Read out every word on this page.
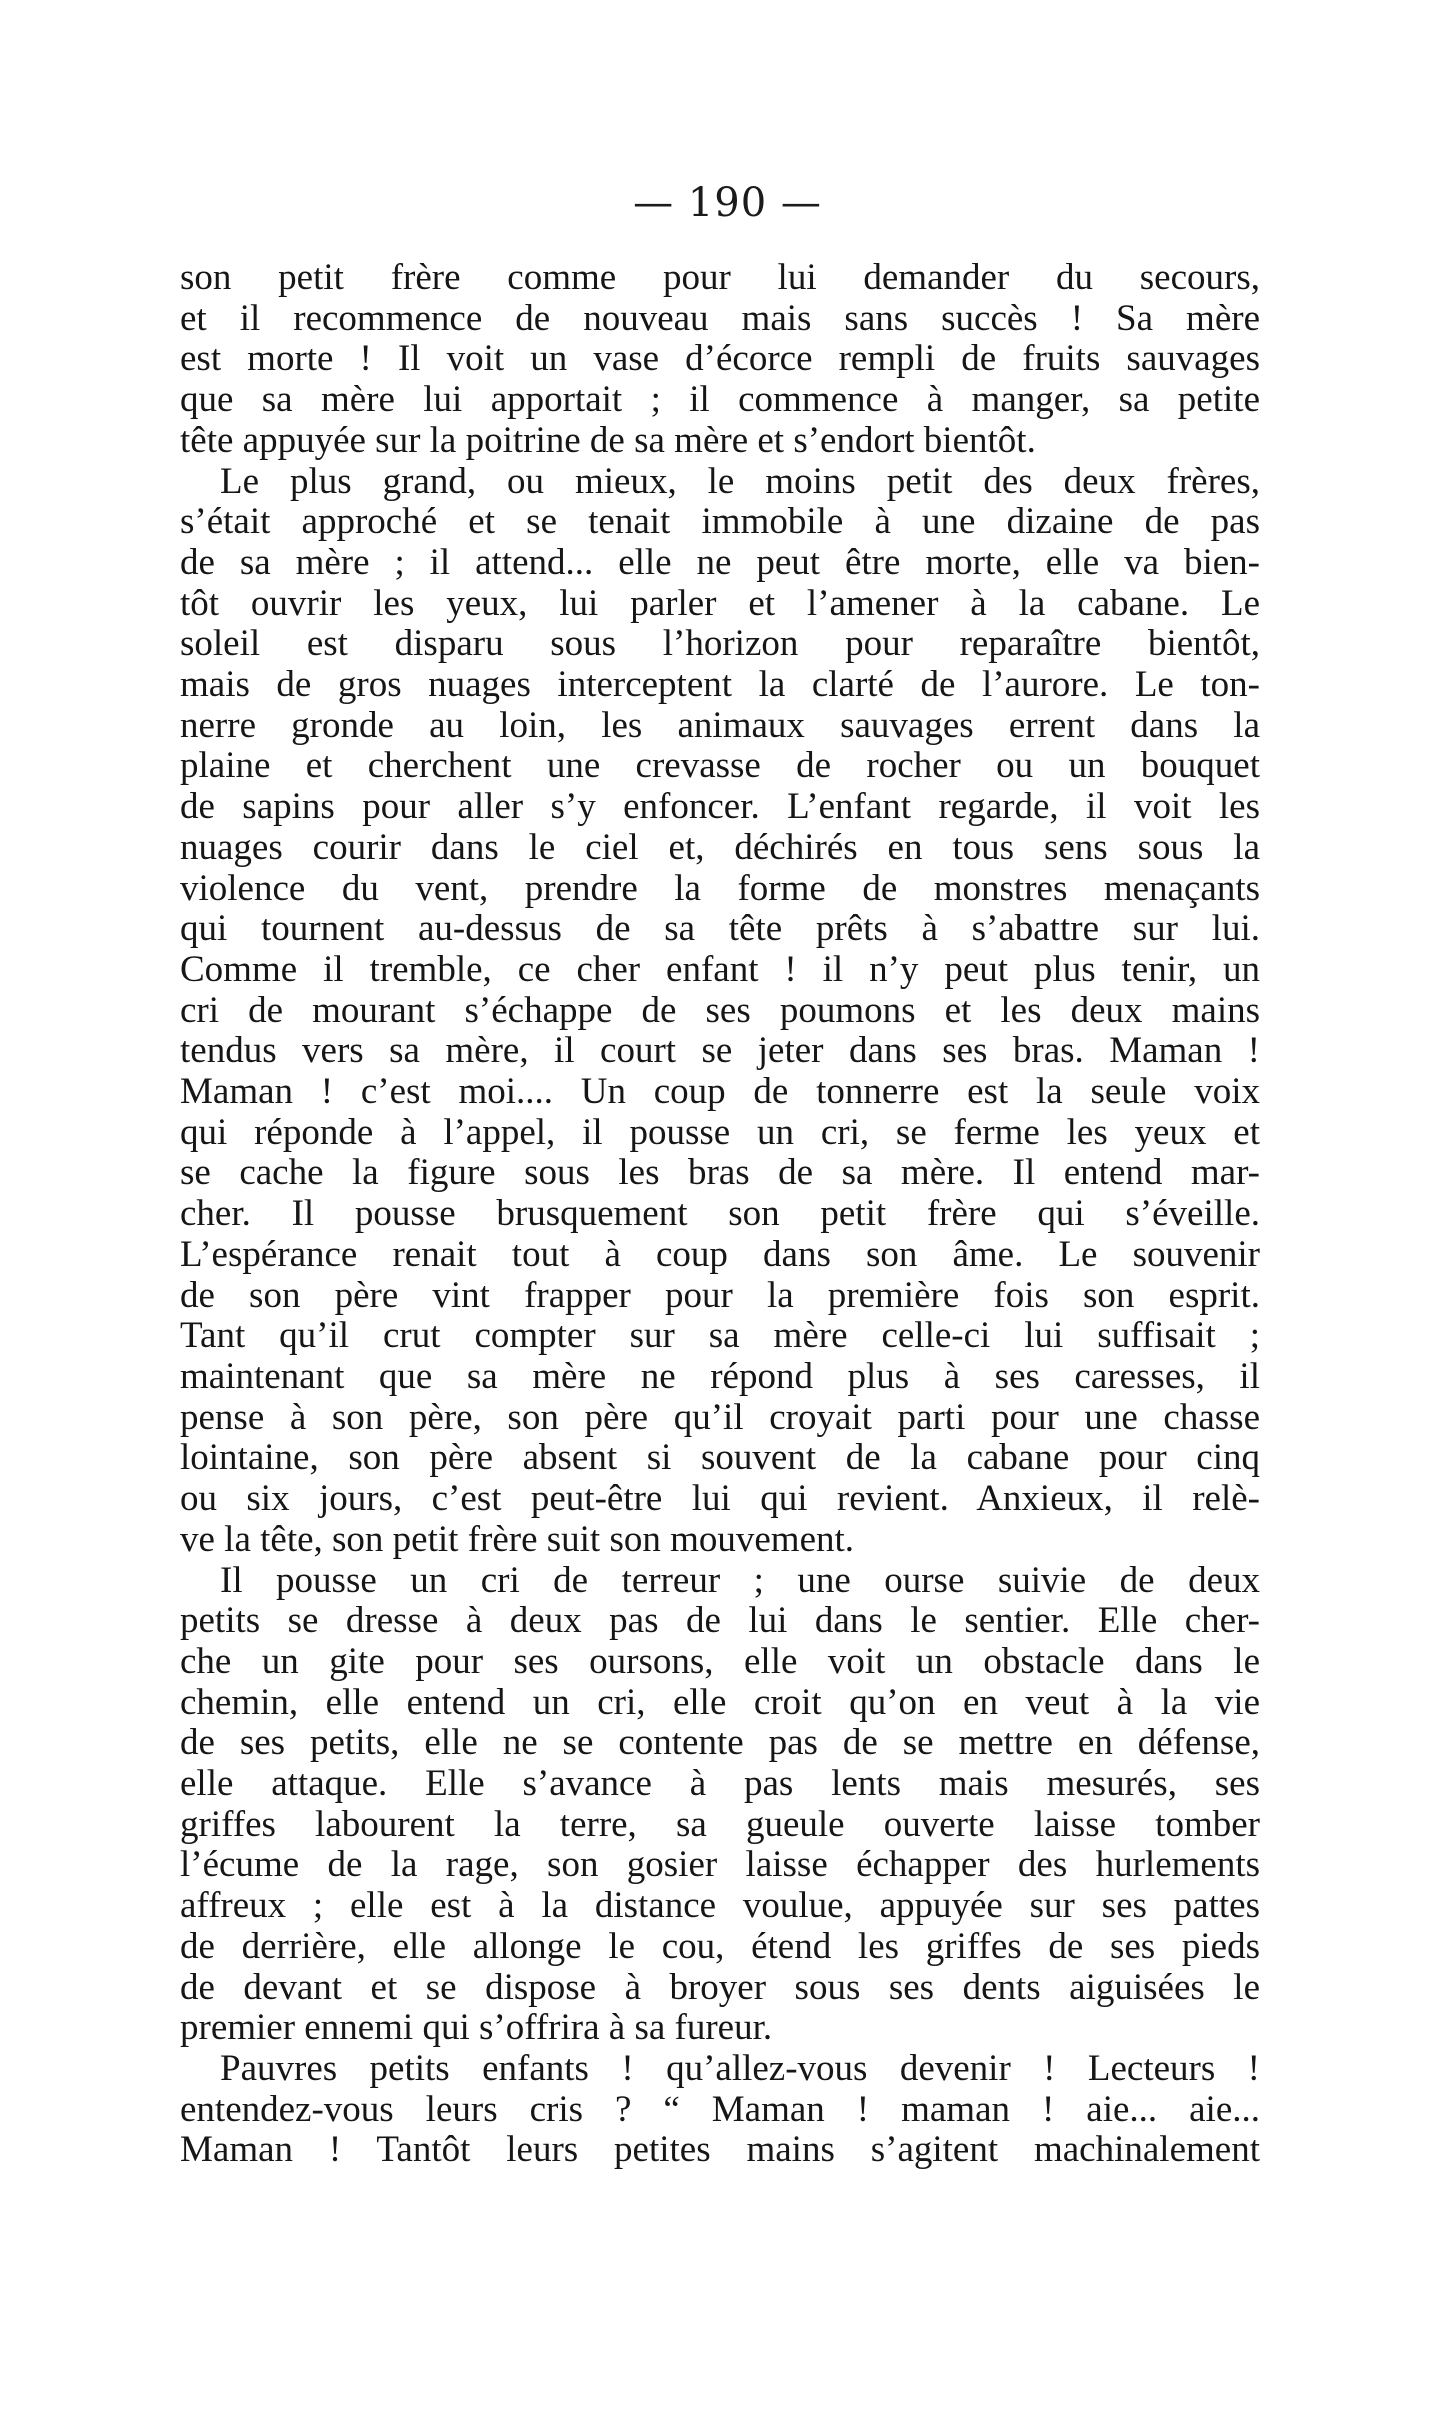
— 190 —
son petit frère comme pour lui demander du secours,
et il recommence de nouveau mais sans succès ! Sa mère
est morte ! Il voit un vase d’écorce rempli de fruits sauvages
que sa mère lui apportait ; il commence à manger, sa petite
tête appuyée sur la poitrine de sa mère et s’endort bientôt.
Le plus grand, ou mieux, le moins petit des deux frères,
s’était approché et se tenait immobile à une dizaine de pas
de sa mère ; il attend... elle ne peut être morte, elle va bien-
tôt ouvrir les yeux, lui parler et l’amener à la cabane. Le
soleil est disparu sous l’horizon pour reparaître bientôt,
mais de gros nuages interceptent la clarté de l’aurore. Le ton-
nerre gronde au loin, les animaux sauvages errent dans la
plaine et cherchent une crevasse de rocher ou un bouquet
de sapins pour aller s’y enfoncer. L’enfant regarde, il voit les
nuages courir dans le ciel et, déchirés en tous sens sous la
violence du vent, prendre la forme de monstres menaçants
qui tournent au-dessus de sa tête prêts à s’abattre sur lui.
Comme il tremble, ce cher enfant ! il n’y peut plus tenir, un
cri de mourant s’échappe de ses poumons et les deux mains
tendus vers sa mère, il court se jeter dans ses bras. Maman !
Maman ! c’est moi.... Un coup de tonnerre est la seule voix
qui réponde à l’appel, il pousse un cri, se ferme les yeux et
se cache la figure sous les bras de sa mère. Il entend mar-
cher. Il pousse brusquement son petit frère qui s’éveille.
L’espérance renait tout à coup dans son âme. Le souvenir
de son père vint frapper pour la première fois son esprit.
Tant qu’il crut compter sur sa mère celle-ci lui suffisait ;
maintenant que sa mère ne répond plus à ses caresses, il
pense à son père, son père qu’il croyait parti pour une chasse
lointaine, son père absent si souvent de la cabane pour cinq
ou six jours, c’est peut-être lui qui revient. Anxieux, il relè-
ve la tête, son petit frère suit son mouvement.
Il pousse un cri de terreur ; une ourse suivie de deux
petits se dresse à deux pas de lui dans le sentier. Elle cher-
che un gite pour ses oursons, elle voit un obstacle dans le
chemin, elle entend un cri, elle croit qu’on en veut à la vie
de ses petits, elle ne se contente pas de se mettre en défense,
elle attaque. Elle s’avance à pas lents mais mesurés, ses
griffes labourent la terre, sa gueule ouverte laisse tomber
l’écume de la rage, son gosier laisse échapper des hurlements
affreux ; elle est à la distance voulue, appuyée sur ses pattes
de derrière, elle allonge le cou, étend les griffes de ses pieds
de devant et se dispose à broyer sous ses dents aiguisées le
premier ennemi qui s’offrira à sa fureur.
Pauvres petits enfants ! qu’allez-vous devenir ! Lecteurs !
entendez-vous leurs cris ? “ Maman ! maman ! aie... aie...
Maman ! Tantôt leurs petites mains s’agitent machinalement
